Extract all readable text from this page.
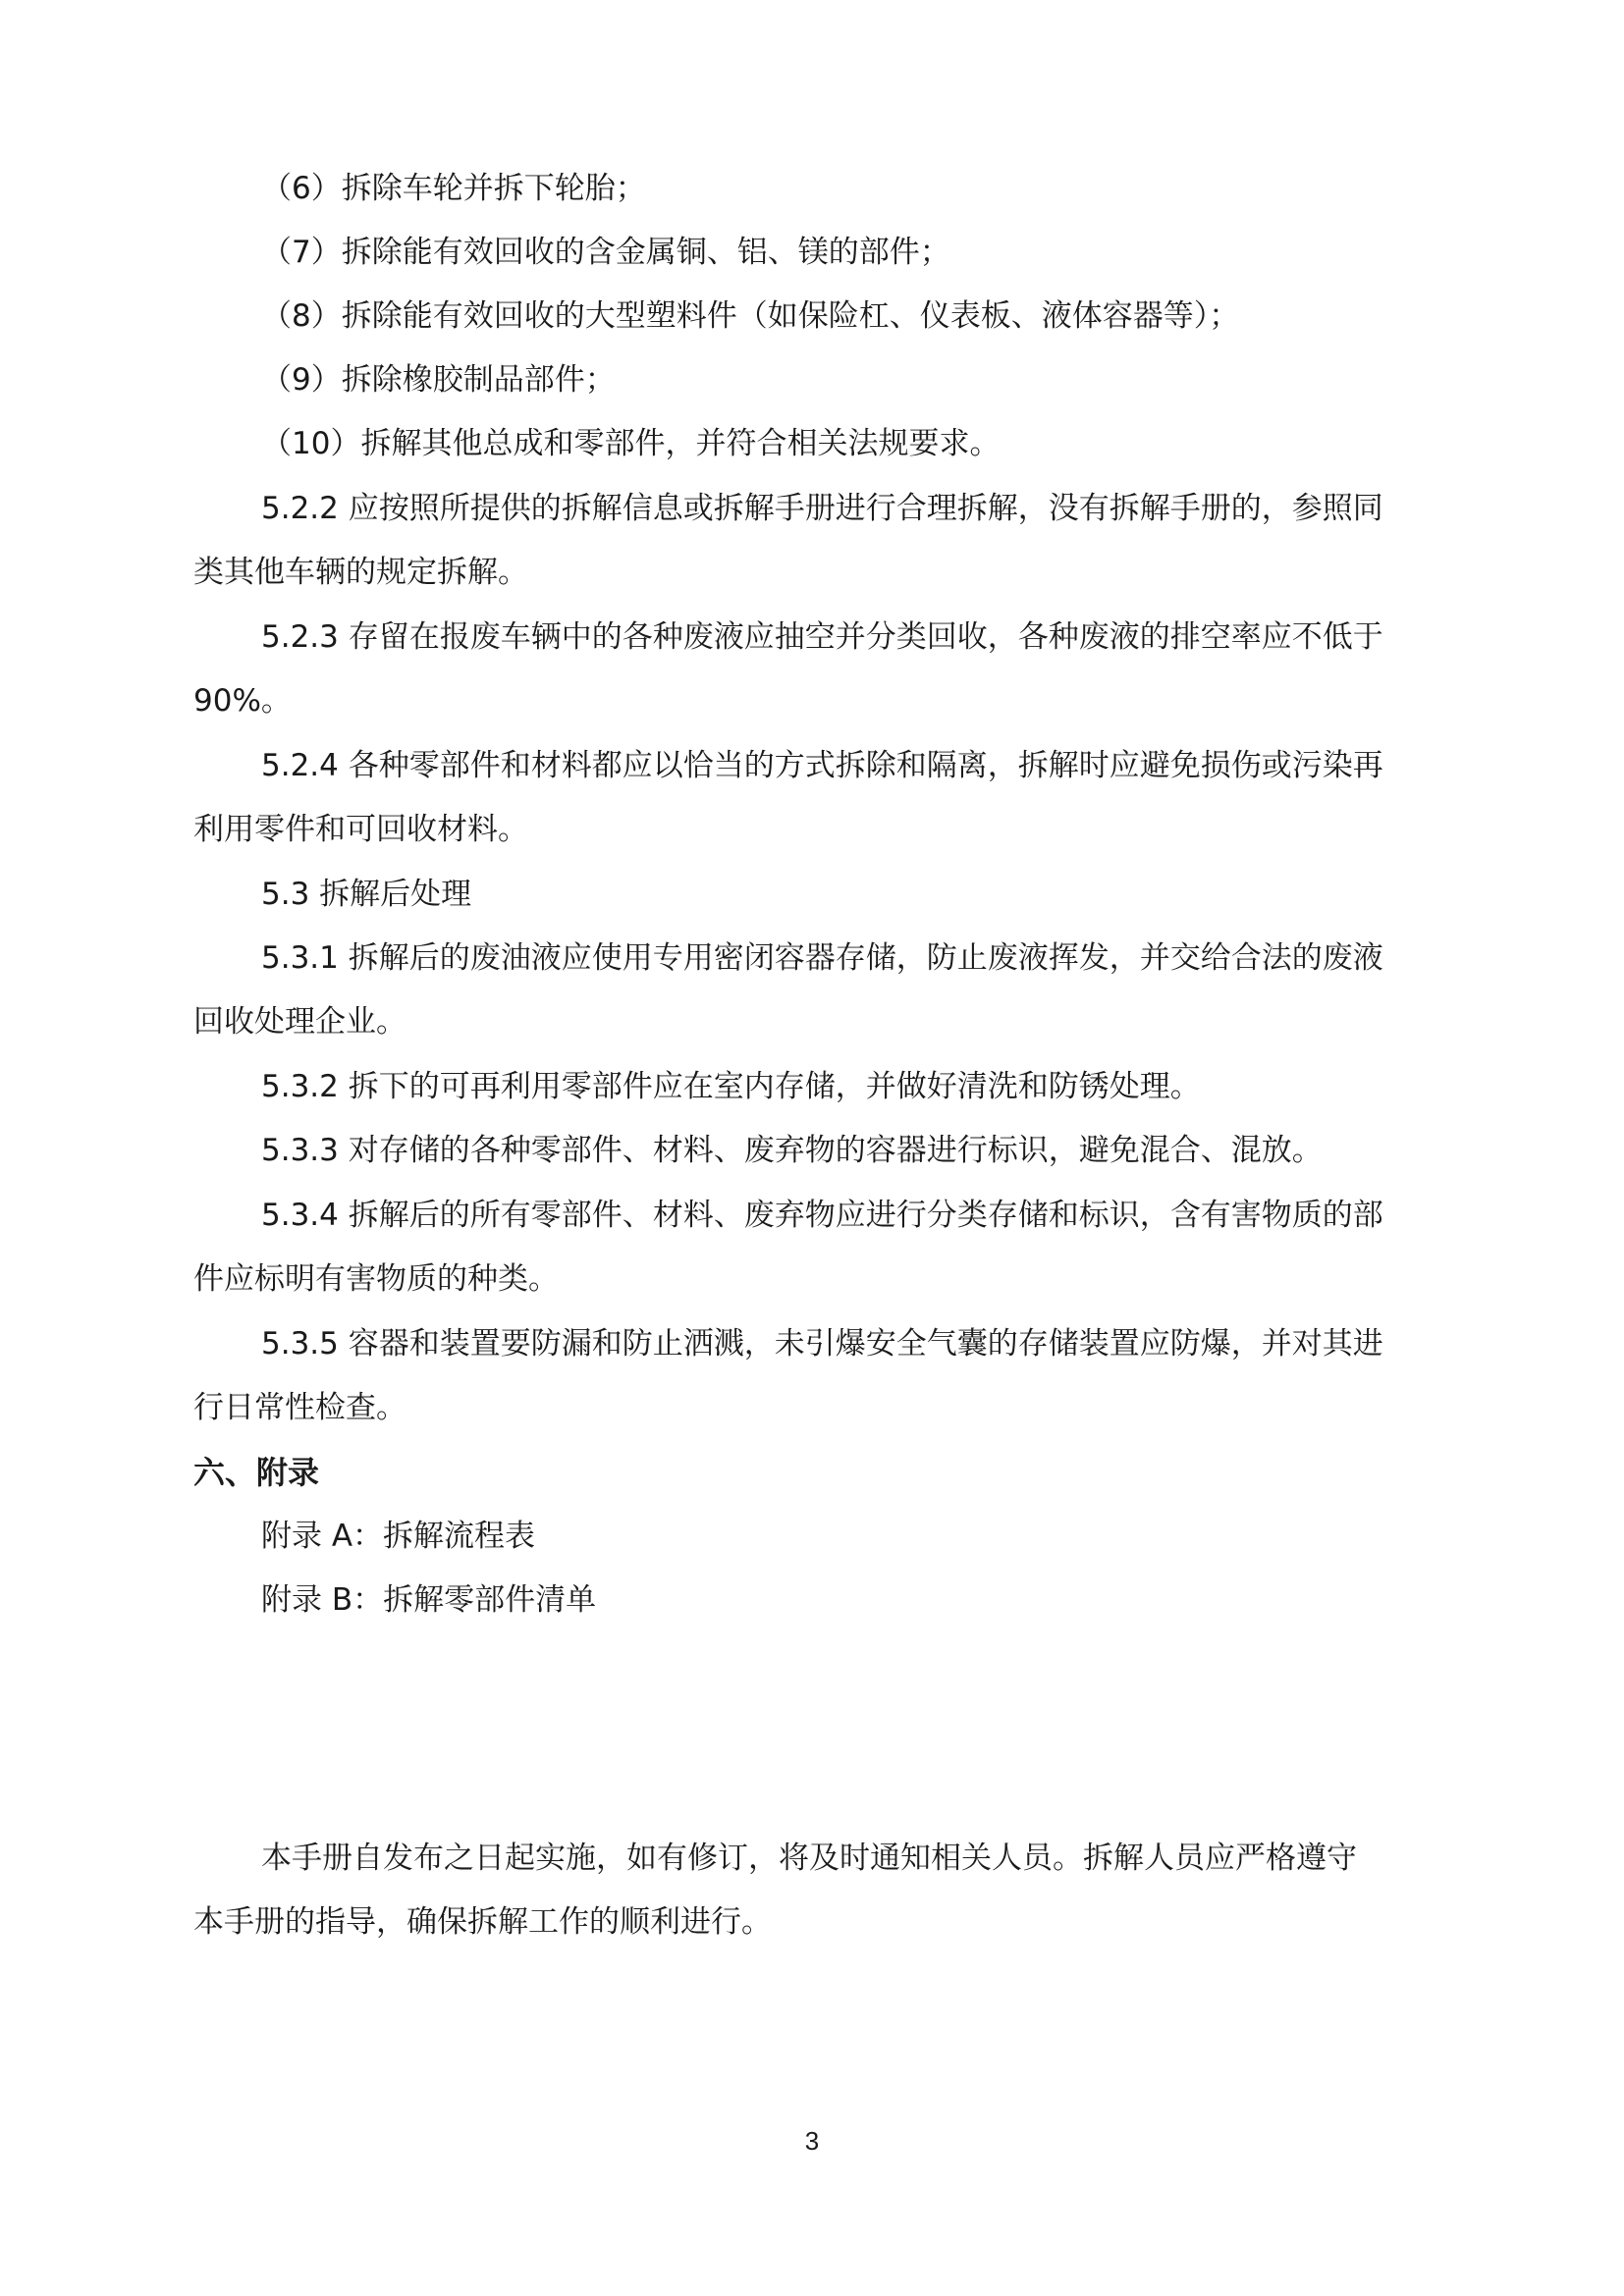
（6）拆除车轮并拆下轮胎；
（7）拆除能有效回收的含金属铜、铝、镁的部件；
（8）拆除能有效回收的大型塑料件（如保险杠、仪表板、液体容器等）；
（9）拆除橡胶制品部件；
（10）拆解其他总成和零部件，并符合相关法规要求。
5.2.2 应按照所提供的拆解信息或拆解手册进行合理拆解，没有拆解手册的，参照同
类其他车辆的规定拆解。
5.2.3 存留在报废车辆中的各种废液应抽空并分类回收，各种废液的排空率应不低于
90%。
5.2.4 各种零部件和材料都应以恰当的方式拆除和隔离，拆解时应避免损伤或污染再
利用零件和可回收材料。
5.3 拆解后处理
5.3.1 拆解后的废油液应使用专用密闭容器存储，防止废液挥发，并交给合法的废液
回收处理企业。
5.3.2 拆下的可再利用零部件应在室内存储，并做好清洗和防锈处理。
5.3.3 对存储的各种零部件、材料、废弃物的容器进行标识，避免混合、混放。
5.3.4 拆解后的所有零部件、材料、废弃物应进行分类存储和标识，含有害物质的部
件应标明有害物质的种类。
5.3.5 容器和装置要防漏和防止洒溅，未引爆安全气囊的存储装置应防爆，并对其进
行日常性检查。
六、附录
附录 A：拆解流程表
附录 B：拆解零部件清单
本手册自发布之日起实施，如有修订，将及时通知相关人员。拆解人员应严格遵守
本手册的指导，确保拆解工作的顺利进行。
3
